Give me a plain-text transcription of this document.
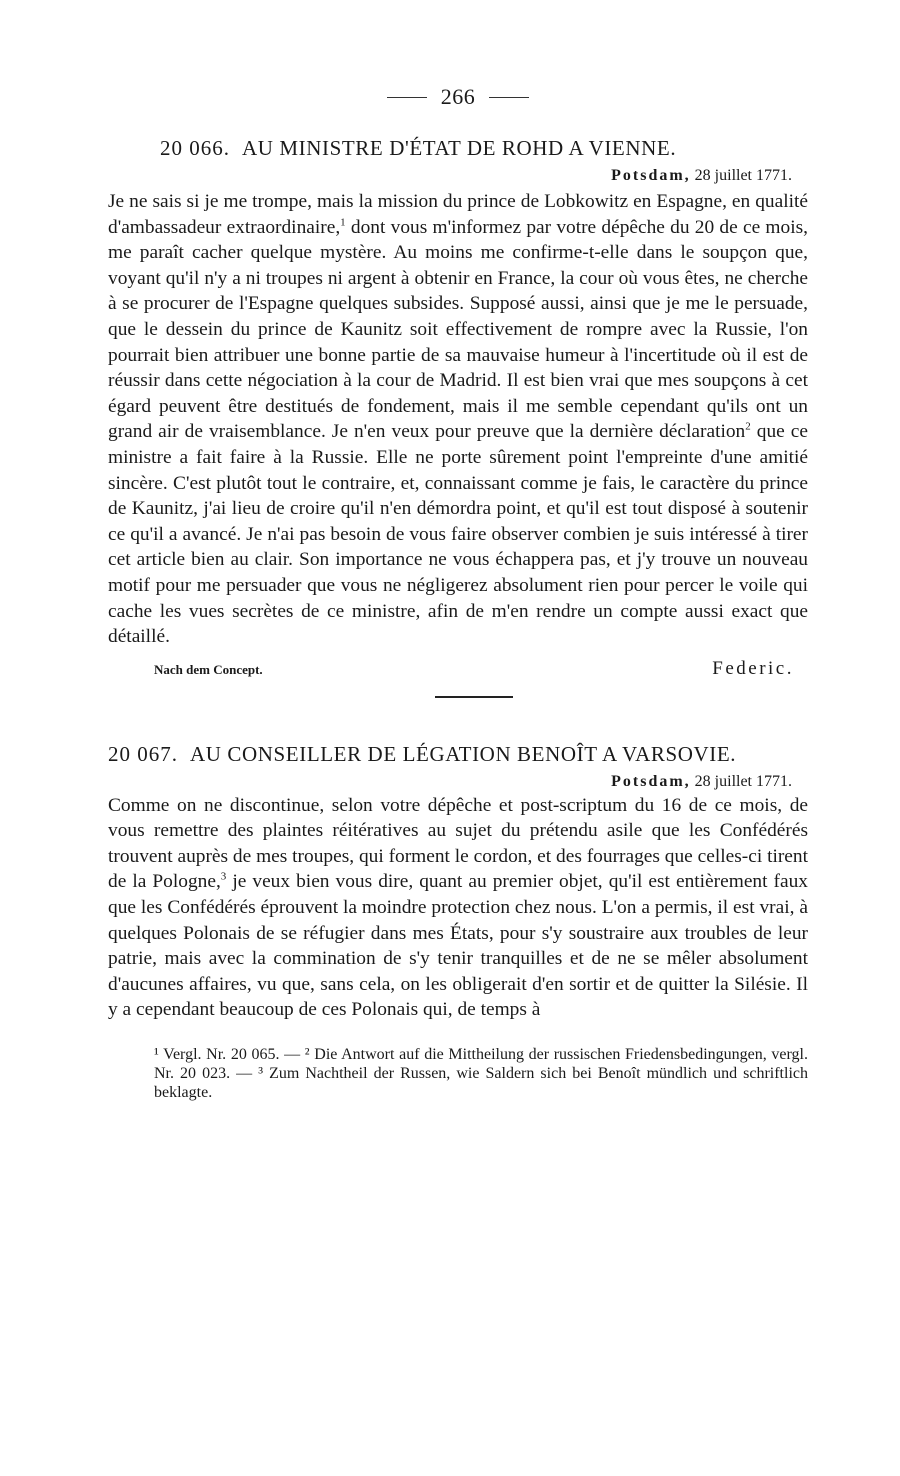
266
20 066. AU MINISTRE D'ÉTAT DE ROHD A VIENNE.
Potsdam, 28 juillet 1771.

Je ne sais si je me trompe, mais la mission du prince de Lobkowitz en Espagne, en qualité d'ambassadeur extraordinaire,$^1$ dont vous m'informez par votre dépêche du 20 de ce mois, me paraît cacher quelque mystère. Au moins me confirme-t-elle dans le soupçon que, voyant qu'il n'y a ni troupes ni argent à obtenir en France, la cour où vous êtes, ne cherche à se procurer de l'Espagne quelques subsides. Supposé aussi, ainsi que je me le persuade, que le dessein du prince de Kaunitz soit effectivement de rompre avec la Russie, l'on pourrait bien attribuer une bonne partie de sa mauvaise humeur à l'incertitude où il est de réussir dans cette négociation à la cour de Madrid. Il est bien vrai que mes soupçons à cet égard peuvent être destitués de fondement, mais il me semble cependant qu'ils ont un grand air de vraisemblance. Je n'en veux pour preuve que la dernière déclaration$^2$ que ce ministre a fait faire à la Russie. Elle ne porte sûrement point l'empreinte d'une amitié sincère. C'est plutôt tout le contraire, et, connaissant comme je fais, le caractère du prince de Kaunitz, j'ai lieu de croire qu'il n'en démordra point, et qu'il est tout disposé à soutenir ce qu'il a avancé. Je n'ai pas besoin de vous faire observer combien je suis intéressé à tirer cet article bien au clair. Son importance ne vous échappera pas, et j'y trouve un nouveau motif pour me persuader que vous ne négligerez absolument rien pour percer le voile qui cache les vues secrètes de ce ministre, afin de m'en rendre un compte aussi exact que détaillé.

Nach dem Concept.	Federic.
20 067. AU CONSEILLER DE LÉGATION BENOÎT A VARSOVIE.
Potsdam, 28 juillet 1771.

Comme on ne discontinue, selon votre dépêche et post-scriptum du 16 de ce mois, de vous remettre des plaintes réitératives au sujet du prétendu asile que les Confédérés trouvent auprès de mes troupes, qui forment le cordon, et des fourrages que celles-ci tirent de la Pologne,$^3$ je veux bien vous dire, quant au premier objet, qu'il est entièrement faux que les Confédérés éprouvent la moindre protection chez nous. L'on a permis, il est vrai, à quelques Polonais de se réfugier dans mes États, pour s'y soustraire aux troubles de leur patrie, mais avec la commination de s'y tenir tranquilles et de ne se mêler absolument d'aucunes affaires, vu que, sans cela, on les obligerait d'en sortir et de quitter la Silésie. Il y a cependant beaucoup de ces Polonais qui, de temps à

¹ Vergl. Nr. 20 065. — ² Die Antwort auf die Mittheilung der russischen Friedensbedingungen, vergl. Nr. 20 023. — ³ Zum Nachtheil der Russen, wie Saldern sich bei Benoît mündlich und schriftlich beklagte.
